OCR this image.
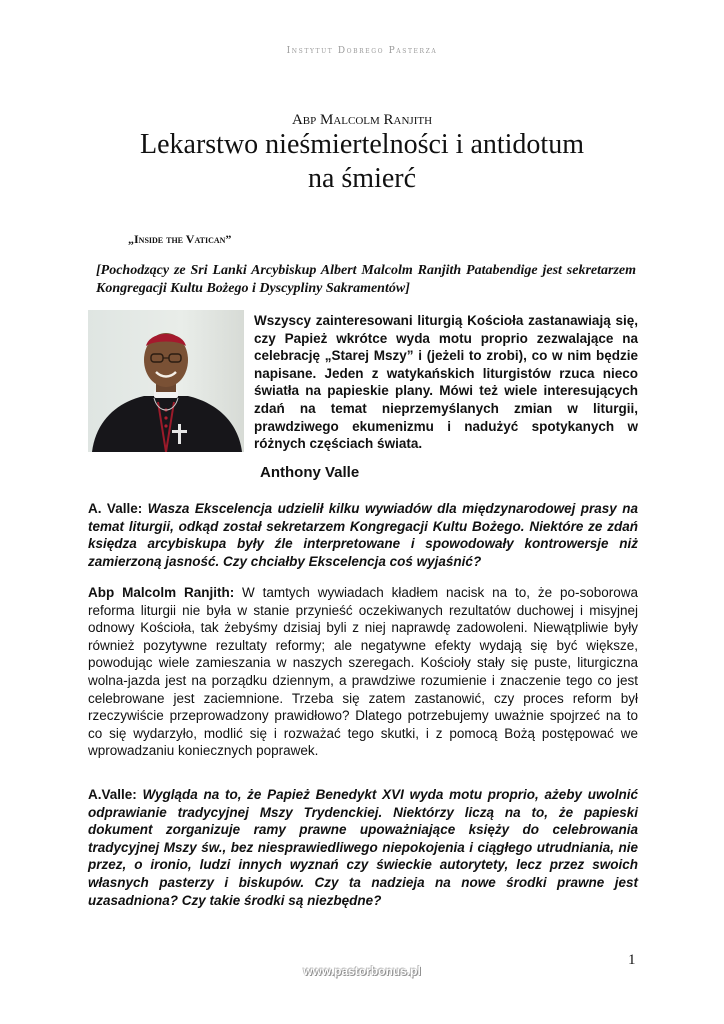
Instytut Dobrego Pasterza
Abp Malcolm Ranjith
Lekarstwo nieśmiertelności i antidotum
na śmierć
„Inside the Vatican”
[Pochodzący ze Sri Lanki Arcybiskup Albert Malcolm Ranjith Patabendige jest sekretarzem Kongregacji Kultu Bożego i Dyscypliny Sakramentów]
Wszyscy zainteresowani liturgią Kościoła zastanawiają się, czy Papież wkrótce wyda motu proprio zezwalające na celebrację „Starej Mszy” i (jeżeli to zrobi), co w nim będzie napisane. Jeden z watykańskich liturgistów rzuca nieco światła na papieskie plany. Mówi też wiele interesujących zdań na temat nieprzemyślanych zmian w liturgii, prawdziwego ekumenizmu i nadużyć spotykanych w różnych częściach świata.
Anthony Valle

A. Valle: Wasza Ekscelencja udzielił kilku wywiadów dla międzynarodowej prasy na temat liturgii, odkąd został sekretarzem Kongregacji Kultu Bożego. Niektóre ze zdań księdza arcybiskupa były źle interpretowane i spowodowały kontrowersje niż zamierzoną jasność. Czy chciałby Ekscelencja coś wyjaśnić?

Abp Malcolm Ranjith: W tamtych wywiadach kładłem nacisk na to, że po-soborowa reforma liturgii nie była w stanie przynieść oczekiwanych rezultatów duchowej i misyjnej odnowy Kościoła, tak żebyśmy dzisiaj byli z niej naprawdę zadowoleni. Niewątpliwie były również pozytywne rezultaty reformy; ale negatywne efekty wydają się być większe, powodując wiele zamieszania w naszych szeregach. Kościoły stały się puste, liturgiczna wolna-jazda jest na porządku dziennym, a prawdziwe rozumienie i znaczenie tego co jest celebrowane jest zaciemnione. Trzeba się zatem zastanowić, czy proces reform był rzeczywiście przeprowadzony prawidłowo? Dlatego potrzebujemy uważnie spojrzeć na to co się wydarzyło, modlić się i rozważać tego skutki, i z pomocą Bożą postępować we wprowadzaniu koniecznych poprawek.

A.Valle: Wygląda na to, że Papież Benedykt XVI wyda motu proprio, ażeby uwolnić odprawianie tradycyjnej Mszy Trydenckiej. Niektórzy liczą na to, że papieski dokument zorganizuje ramy prawne upoważniające księży do celebrowania tradycyjnej Mszy św., bez niesprawiedliwego niepokojenia i ciągłego utrudniania, nie przez, o ironio, ludzi innych wyznań czy świeckie autorytety, lecz przez swoich własnych pasterzy i biskupów. Czy ta nadzieja na nowe środki prawne jest uzasadniona? Czy takie środki są niezbędne?

1
www.pastorbonus.pl
